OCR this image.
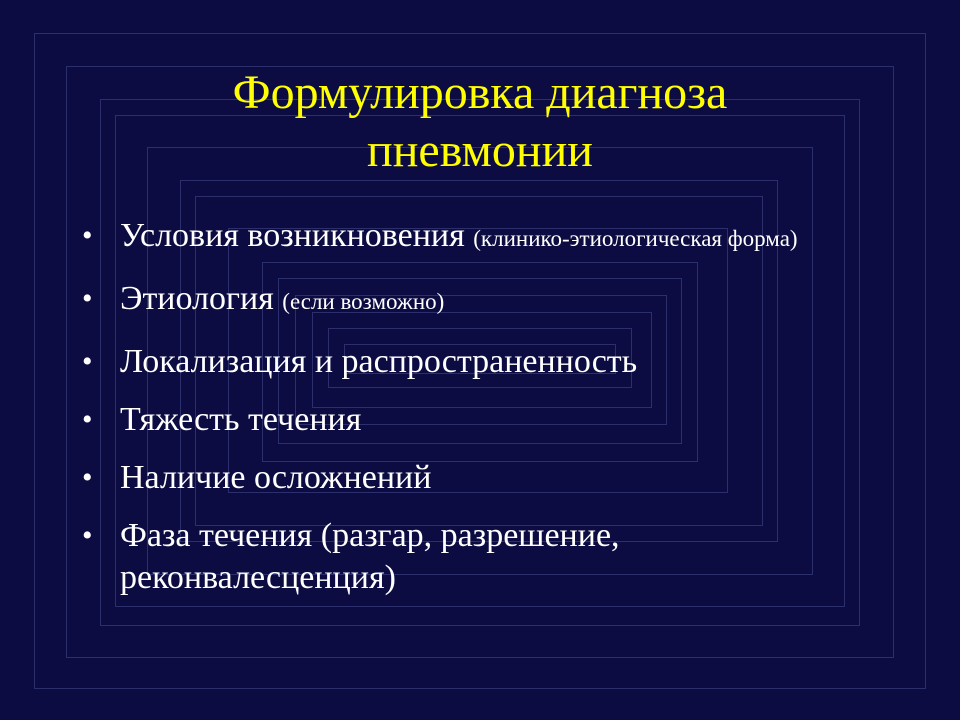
Формулировка диагноза
пневмонии
• Условия возникновения (клинико-этиологическая форма)
• Этиология (если возможно)
• Локализация и распространенность
• Тяжесть течения
• Наличие осложнений
• Фаза течения (разгар, разрешение, реконвалесценция)
